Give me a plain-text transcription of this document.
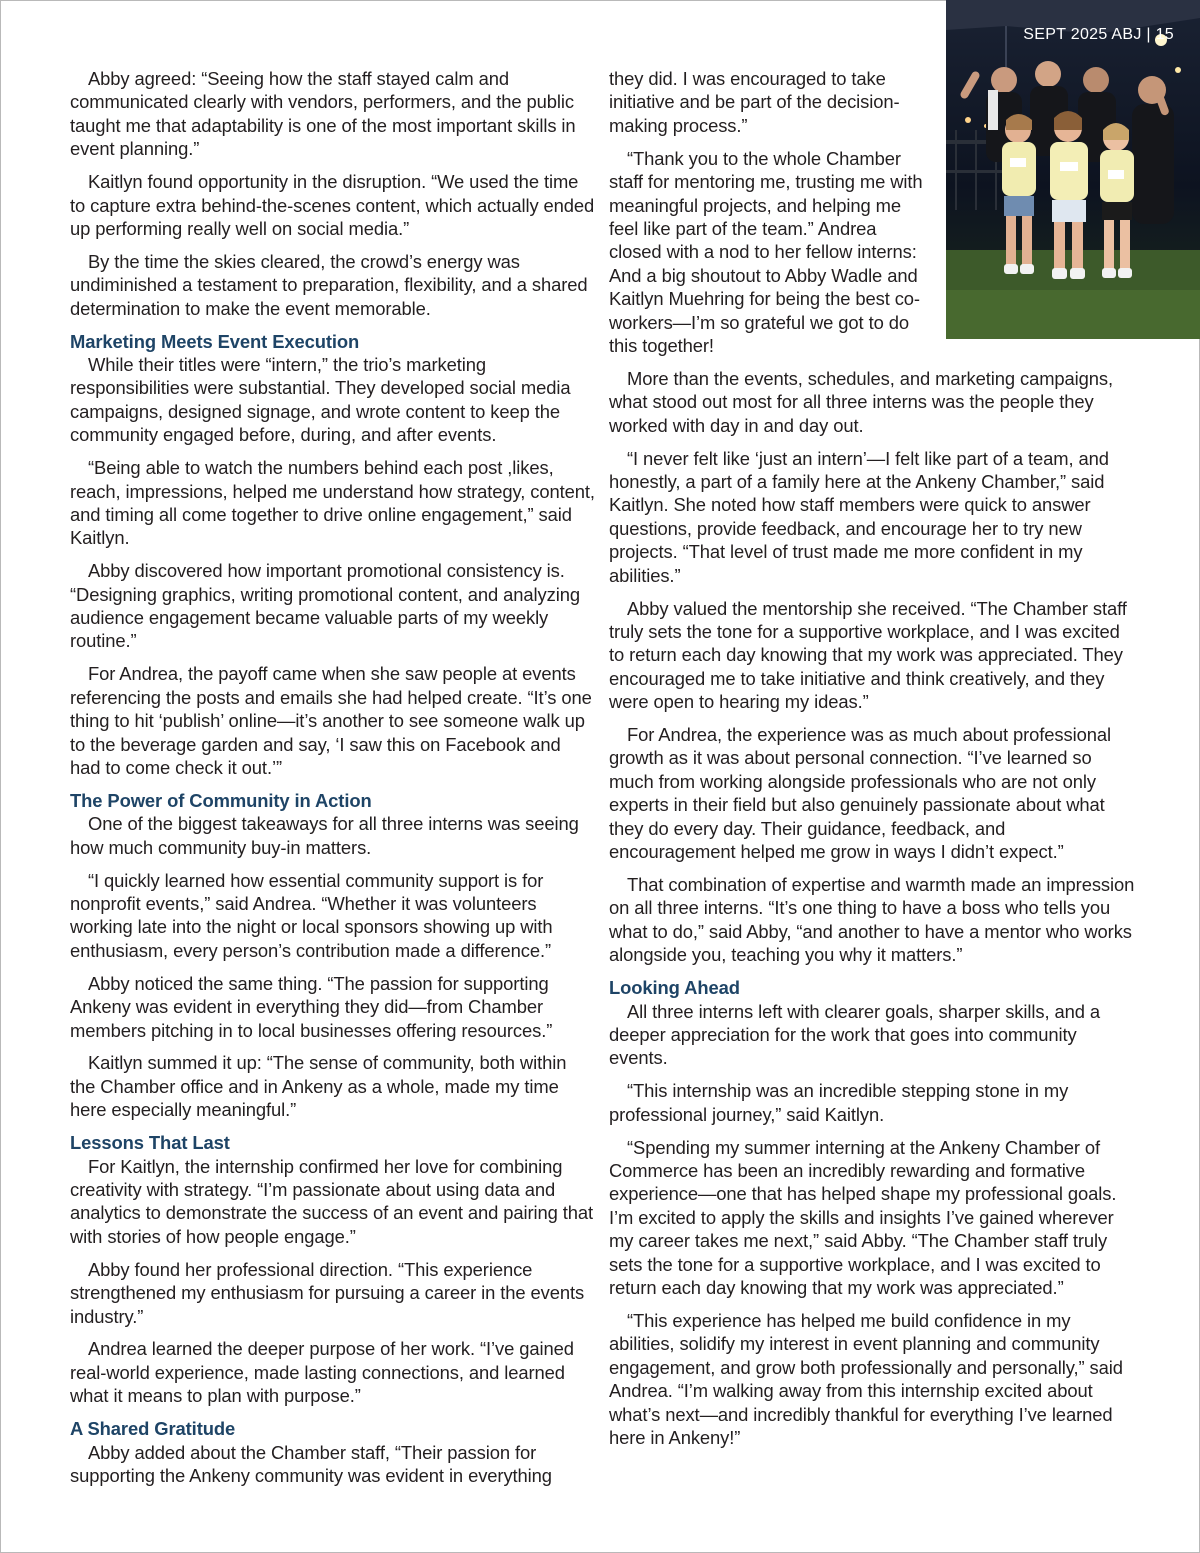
SEPT 2025 ABJ | 15

Abby agreed: “Seeing how the staff stayed calm and communicated clearly with vendors, performers, and the public taught me that adaptability is one of the most important skills in event planning.”

Kaitlyn found opportunity in the disruption. “We used the time to capture extra behind-the-scenes content, which actually ended up performing really well on social media.”

By the time the skies cleared, the crowd’s energy was undiminished a testament to preparation, flexibility, and a shared determination to make the event memorable.

Marketing Meets Event Execution

While their titles were “intern,” the trio’s marketing responsibilities were substantial. They developed social media campaigns, designed signage, and wrote content to keep the community engaged before, during, and after events.

“Being able to watch the numbers behind each post ,likes, reach, impressions, helped me understand how strategy, content, and timing all come together to drive online engagement,” said Kaitlyn.

Abby discovered how important promotional consistency is. “Designing graphics, writing promotional content, and analyzing audience engagement became valuable parts of my weekly routine.”

For Andrea, the payoff came when she saw people at events referencing the posts and emails she had helped create. “It’s one thing to hit ‘publish’ online—it’s another to see someone walk up to the beverage garden and say, ‘I saw this on Facebook and had to come check it out.’”

The Power of Community in Action

One of the biggest takeaways for all three interns was seeing how much community buy-in matters.

“I quickly learned how essential community support is for nonprofit events,” said Andrea. “Whether it was volunteers working late into the night or local sponsors showing up with enthusiasm, every person’s contribution made a difference.”

Abby noticed the same thing. “The passion for supporting Ankeny was evident in everything they did—from Chamber members pitching in to local businesses offering resources.”

Kaitlyn summed it up: “The sense of community, both within the Chamber office and in Ankeny as a whole, made my time here especially meaningful.”

Lessons That Last

For Kaitlyn, the internship confirmed her love for combining creativity with strategy. “I’m passionate about using data and analytics to demonstrate the success of an event and pairing that with stories of how people engage.”

Abby found her professional direction. “This experience strengthened my enthusiasm for pursuing a career in the events industry.”

Andrea learned the deeper purpose of her work. “I’ve gained real-world experience, made lasting connections, and learned what it means to plan with purpose.”

A Shared Gratitude

Abby added about the Chamber staff, “Their passion for supporting the Ankeny community was evident in everything

they did. I was encouraged to take initiative and be part of the decision-making process.”

“Thank you to the whole Chamber staff for mentoring me, trusting me with meaningful projects, and helping me feel like part of the team.” Andrea closed with a nod to her fellow interns: And a big shoutout to Abby Wadle and Kaitlyn Muehring for being the best co-workers—I’m so grateful we got to do this together!

More than the events, schedules, and marketing campaigns, what stood out most for all three interns was the people they worked with day in and day out.

“I never felt like ‘just an intern’—I felt like part of a team, and honestly, a part of a family here at the Ankeny Chamber,” said Kaitlyn. She noted how staff members were quick to answer questions, provide feedback, and encourage her to try new projects. “That level of trust made me more confident in my abilities.”

Abby valued the mentorship she received. “The Chamber staff truly sets the tone for a supportive workplace, and I was excited to return each day knowing that my work was appreciated. They encouraged me to take initiative and think creatively, and they were open to hearing my ideas.”

For Andrea, the experience was as much about professional growth as it was about personal connection. “I’ve learned so much from working alongside professionals who are not only experts in their field but also genuinely passionate about what they do every day. Their guidance, feedback, and encouragement helped me grow in ways I didn’t expect.”

That combination of expertise and warmth made an impression on all three interns. “It’s one thing to have a boss who tells you what to do,” said Abby, “and another to have a mentor who works alongside you, teaching you why it matters.”

Looking Ahead

All three interns left with clearer goals, sharper skills, and a deeper appreciation for the work that goes into community events.

“This internship was an incredible stepping stone in my professional journey,” said Kaitlyn.

“Spending my summer interning at the Ankeny Chamber of Commerce has been an incredibly rewarding and formative experience—one that has helped shape my professional goals. I’m excited to apply the skills and insights I’ve gained wherever my career takes me next,” said Abby. “The Chamber staff truly sets the tone for a supportive workplace, and I was excited to return each day knowing that my work was appreciated.”

“This experience has helped me build confidence in my abilities, solidify my interest in event planning and community engagement, and grow both professionally and personally,” said Andrea. “I’m walking away from this internship excited about what’s next—and incredibly thankful for everything I’ve learned here in Ankeny!”
